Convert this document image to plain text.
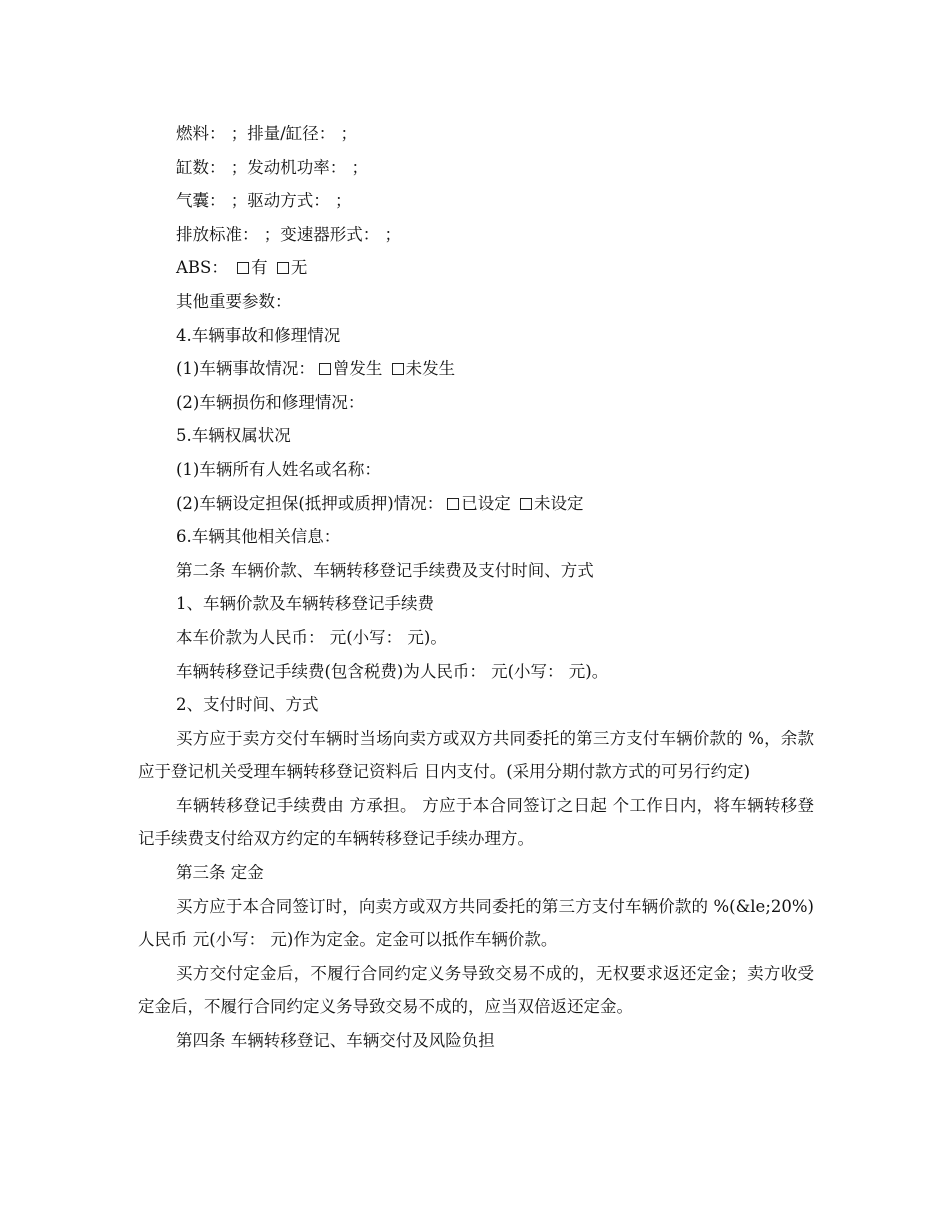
燃料： ；排量/缸径： ；
缸数： ；发动机功率： ；
气囊： ；驱动方式： ；
排放标准： ；变速器形式： ；
ABS： 有 无
其他重要参数：
4.车辆事故和修理情况
(1)车辆事故情况： 曾发生 未发生
(2)车辆损伤和修理情况：
5.车辆权属状况
(1)车辆所有人姓名或名称：
(2)车辆设定担保(抵押或质押)情况： 已设定 未设定
6.车辆其他相关信息：
第二条 车辆价款、车辆转移登记手续费及支付时间、方式
1、车辆价款及车辆转移登记手续费
本车价款为人民币： 元(小写： 元)。
车辆转移登记手续费(包含税费)为人民币： 元(小写： 元)。
2、支付时间、方式

买方应于卖方交付车辆时当场向卖方或双方共同委托的第三方支付车辆价款的 %，余款应于登记机关受理车辆转移登记资料后 日内支付。(采用分期付款方式的可另行约定)

车辆转移登记手续费由 方承担。 方应于本合同签订之日起 个工作日内，将车辆转移登记手续费支付给双方约定的车辆转移登记手续办理方。

第三条 定金

买方应于本合同签订时，向卖方或双方共同委托的第三方支付车辆价款的 %(&le;20%)人民币 元(小写： 元)作为定金。定金可以抵作车辆价款。

买方交付定金后，不履行合同约定义务导致交易不成的，无权要求返还定金；卖方收受定金后，不履行合同约定义务导致交易不成的，应当双倍返还定金。

第四条 车辆转移登记、车辆交付及风险负担
